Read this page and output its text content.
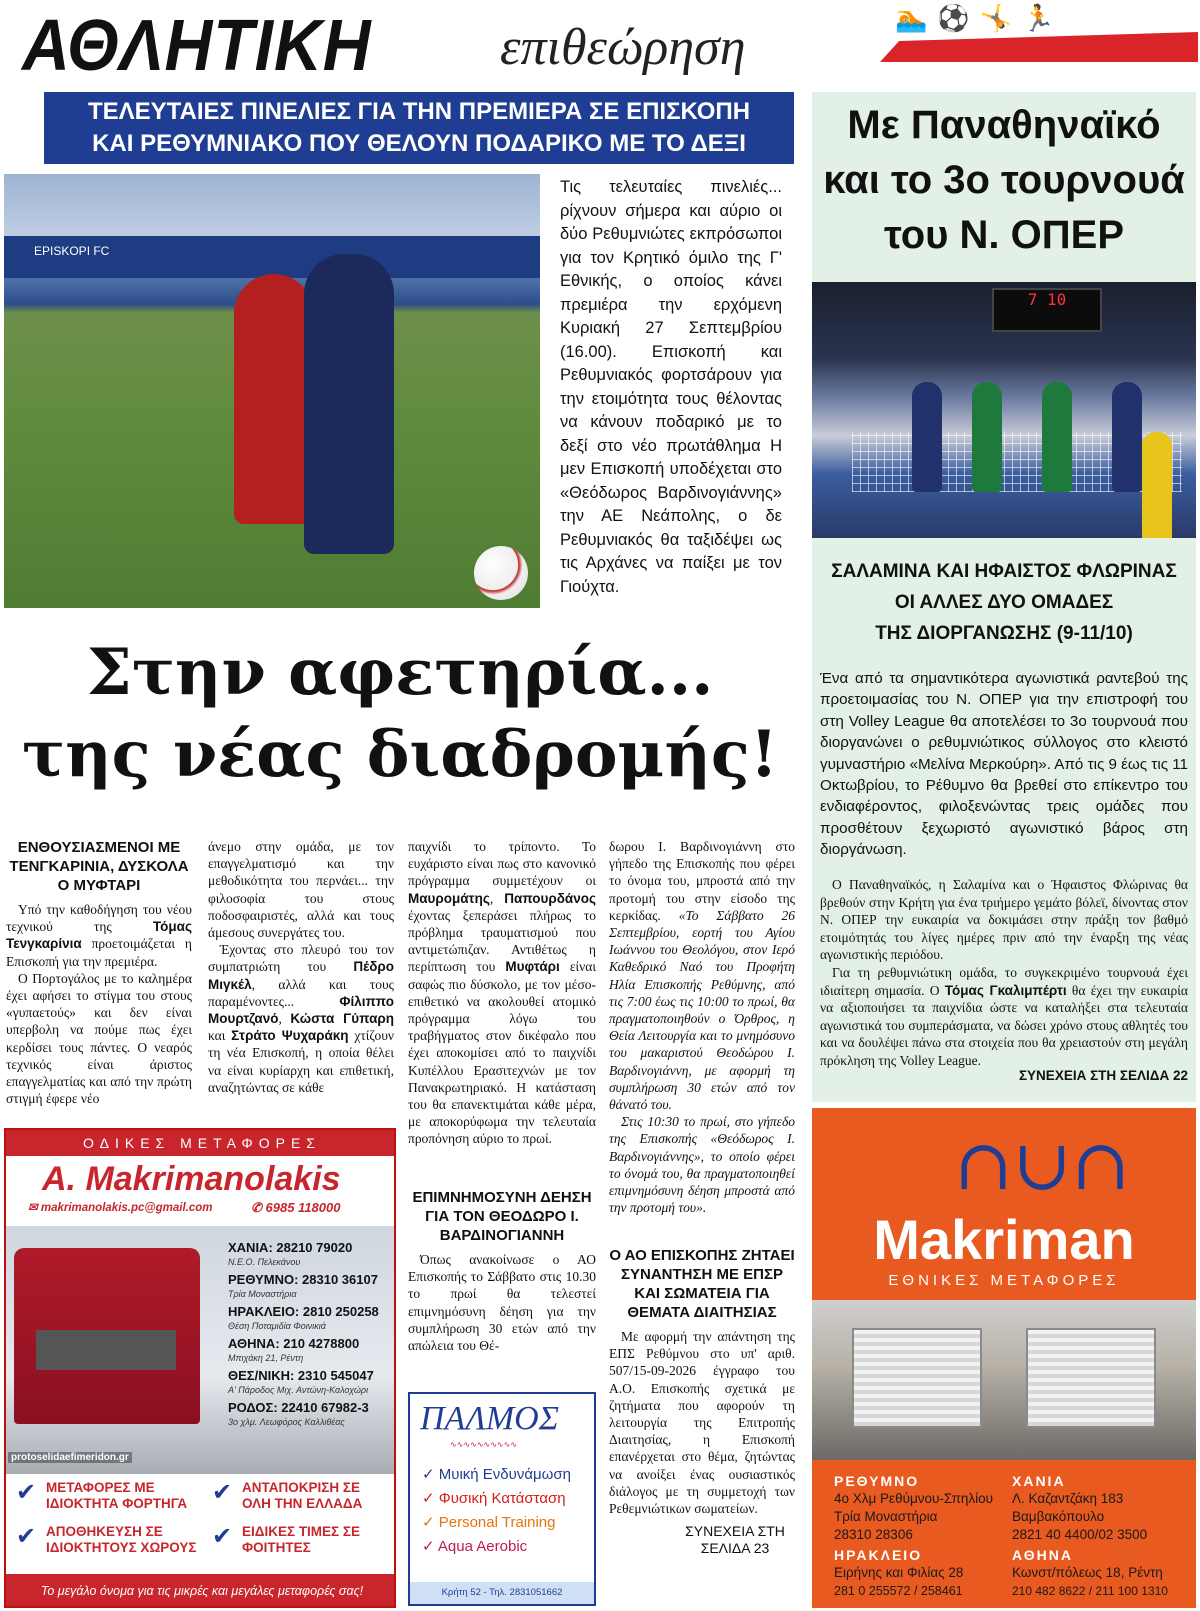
ΑΘΛΗΤΙΚΗ επιθεώρηση	🏊⚽🤸🏃
ΤΕΛΕΥΤΑΙΕΣ ΠΙΝΕΛΙΕΣ ΓΙΑ ΤΗΝ ΠΡΕΜΙΕΡΑ ΣΕ ΕΠΙΣΚΟΠΗ
ΚΑΙ ΡΕΘΥΜΝΙΑΚΟ ΠΟΥ ΘΕΛΟΥΝ ΠΟΔΑΡΙΚΟ ΜΕ ΤΟ ΔΕΞΙ
EPISKOPI FC
Τις τελευταίες πινελιές... ρίχνουν σήμερα και αύριο οι δύο Ρεθυμνιώτες εκπρόσωποι για τον Κρητικό όμιλο της Γ' Εθνικής, ο οποίος κάνει πρεμιέρα την ερχόμενη Κυριακή 27 Σεπτεμβρίου (16.00). Επισκοπή και Ρεθυμνιακός φορτσάρουν για την ετοιμότητα τους θέλοντας να κάνουν ποδαρικό με το δεξί στο νέο πρωτάθλημα Η μεν Επισκοπή υποδέχεται στο «Θεόδωρος Βαρδινογιάννης» την ΑΕ Νεάπολης, ο δε Ρεθυμνιακός θα ταξιδέψει ως τις Αρχάνες να παίξει με τον Γιούχτα.
Στην αφετηρία...
της νέας διαδρομής!
ΕΝΘΟΥΣΙΑΣΜΕΝΟΙ ΜΕ ΤΕΝΓΚΑΡΙΝΙΑ, ΔΥΣΚΟΛΑ Ο ΜΥΦΤΑΡΙ

Υπό την καθοδήγηση του νέου τεχνικού της Τόμας Τενγκαρίνια προετοιμάζεται η Επισκοπή για την πρεμιέρα.

Ο Πορτογάλος με το καλημέρα έχει αφήσει το στίγμα του στους «γυπαετούς» και δεν είναι υπερβολη να πούμε πως έχει κερδίσει τους πάντες. Ο νεαρός τεχνικός είναι άριστος επαγγελματίας και από την πρώτη στιγμή έφερε νέο

άνεμο στην ομάδα, με τον επαγγελματισμό και την μεθοδικότητα του περνάει... την φιλοσοφία του στους ποδοσφαιριστές, αλλά και τους άμεσους συνεργάτες του.

Έχοντας στο πλευρό του τον συμπατριώτη του Πέδρο Μιγκέλ, αλλά και τους παραμένοντες... Φίλιππο Μουρτζανό, Κώστα Γύπαρη και Στράτο Ψυχαράκη χτίζουν τη νέα Επισκοπή, η οποία θέλει να είναι κυρίαρχη και επιθετική, αναζητώντας σε κάθε

παιχνίδι το τρίποντο. Το ευχάριστο είναι πως στο κανονικό πρόγραμμα συμμετέχουν οι Μαυρομάτης, Παπουρδάνος έχοντας ξεπεράσει πλήρως το πρόβλημα τραυματισμού που αντιμετώπιζαν. Αντιθέτως η περίπτωση του Μυφτάρι είναι σαφώς πιο δύσκολο, με τον μέσο-επιθετικό να ακολουθεί ατομικό πρόγραμμα λόγω του τραβήγματος στον δικέφαλο που έχει αποκομίσει από το παιχνίδι Κυπέλλου Ερασιτεχνών με τον Πανακρωτηριακό. Η κατάσταση του θα επανεκτιμάται κάθε μέρα, με αποκορύφωμα την τελευταία προπόνηση αύριο το πρωί.

ΕΠΙΜΝΗΜΟΣΥΝΗ ΔΕΗΣΗ ΓΙΑ ΤΟΝ ΘΕΟΔΩΡΟ Ι. ΒΑΡΔΙΝΟΓΙΑΝΝΗ

Όπως ανακοίνωσε ο ΑΟ Επισκοπής το Σάββατο στις 10.30 το πρωί θα τελεστεί επιμνημόσυνη δέηση για την συμπλήρωση 30 ετών από την απώλεια του Θέ-

δωρου Ι. Βαρδινογιάννη στο γήπεδο της Επισκοπής που φέρει το όνομα του, μπροστά από την προτομή του στην είσοδο της κερκίδας. «Το Σάββατο 26 Σεπτεμβρίου, εορτή του Αγίου Ιωάννου του Θεολόγου, στον Ιερό Καθεδρικό Ναό του Προφήτη Ηλία Επισκοπής Ρεθύμνης, από τις 7:00 έως τις 10:00 το πρωί, θα πραγματοποιηθούν ο Όρθρος, η Θεία Λειτουργία και το μνημόσυνο του μακαριστού Θεοδώρου Ι. Βαρδινογιάννη, με αφορμή τη συμπλήρωση 30 ετών από τον θάνατό του.

Στις 10:30 το πρωί, στο γήπεδο της Επισκοπής «Θεόδωρος Ι. Βαρδινογιάννης», το οποίο φέρει το όνομά του, θα πραγματοποιηθεί επιμνημόσυνη δέηση μπροστά από την προτομή του».

Ο ΑΟ ΕΠΙΣΚΟΠΗΣ ΖΗΤΑΕΙ ΣΥΝΑΝΤΗΣΗ ΜΕ ΕΠΣΡ ΚΑΙ ΣΩΜΑΤΕΙΑ ΓΙΑ ΘΕΜΑΤΑ ΔΙΑΙΤΗΣΙΑΣ

Με αφορμή την απάντηση της ΕΠΣ Ρεθύμνου στο υπ' αριθ. 507/15-09-2026 έγγραφο του Α.Ο. Επισκοπής σχετικά με ζητήματα που αφορούν τη λειτουργία της Επιτροπής Διαιτησίας, η Επισκοπή επανέρχεται στο θέμα, ζητώντας να ανοίξει ένας ουσιαστικός διάλογος με τη συμμετοχή των Ρεθεμνιώτικων σωματείων.

ΣΥΝΕΧΕΙΑ ΣΤΗ ΣΕΛΙΔΑ 23
Με Παναθηναϊκό
και το 3ο τουρνουά
του Ν. ΟΠΕΡ
7 10
ΣΑΛΑΜΙΝΑ ΚΑΙ ΗΦΑΙΣΤΟΣ ΦΛΩΡΙΝΑΣ
ΟΙ ΑΛΛΕΣ ΔΥΟ ΟΜΑΔΕΣ
ΤΗΣ ΔΙΟΡΓΑΝΩΣΗΣ (9-11/10)
Ένα από τα σημαντικότερα αγωνιστικά ραντεβού της προετοιμασίας του Ν. ΟΠΕΡ για την επιστροφή του στη Volley League θα αποτελέσει το 3ο τουρνουά που διοργανώνει ο ρεθυμνιώτικος σύλλογος στο κλειστό γυμναστήριο «Μελίνα Μερκούρη». Από τις 9 έως τις 11 Οκτωβρίου, το Ρέθυμνο θα βρεθεί στο επίκεντρο του ενδιαφέροντος, φιλοξενώντας τρεις ομάδες που προσθέτουν ξεχωριστό αγωνιστικό βάρος στη διοργάνωση.

Ο Παναθηναϊκός, η Σαλαμίνα και ο Ήφαιστος Φλώρινας θα βρεθούν στην Κρήτη για ένα τριήμερο γεμάτο βόλεϊ, δίνοντας στον Ν. ΟΠΕΡ την ευκαιρία να δοκιμάσει στην πράξη τον βαθμό ετοιμότητάς του λίγες ημέρες πριν από την έναρξη της νέας αγωνιστικής περιόδου.

Για τη ρεθυμνιώτικη ομάδα, το συγκεκριμένο τουρνουά έχει ιδιαίτερη σημασία. Ο Τόμας Γκαλιμπέρτι θα έχει την ευκαιρία να αξιοποιήσει τα παιχνίδια ώστε να καταλήξει στα τελευταία αγωνιστικά του συμπεράσματα, να δώσει χρόνο στους αθλητές του και να δουλέψει πάνω στα στοιχεία που θα χρειαστούν στη μεγάλη πρόκληση της Volley League.

ΣΥΝΕΧΕΙΑ ΣΤΗ ΣΕΛΙΔΑ 22
ΟΔΙΚΕΣ ΜΕΤΑΦΟΡΕΣ
A. Makrimanolakis
✉ makrimanolakis.pc@gmail.com	✆ 6985 118000
ΧΑΝΙΑ: 28210 79020
Ν.Ε.Ο. Πελεκάνου
ΡΕΘΥΜΝΟ: 28310 36107
Τρία Μοναστήρια
ΗΡΑΚΛΕΙΟ: 2810 250258
Θέση Ποταμιδία Φοινικιά
ΑΘΗΝΑ: 210 4278800
Μπιχάκη 21, Ρέντη
ΘΕΣ/ΝΙΚΗ: 2310 545047
Α' Πάροδος Μιχ. Αντώνη-Καλοχώρι
ΡΟΔΟΣ: 22410 67982-3
3ο χλμ. Λεωφόρος Καλλιθέας
protoselidaefimeridon.gr
✔ ΜΕΤΑΦΟΡΕΣ ΜΕ ΙΔΙΟΚΤΗΤΑ ΦΟΡΤΗΓΑ	✔ ΑΝΤΑΠΟΚΡΙΣΗ ΣΕ ΟΛΗ ΤΗΝ ΕΛΛΑΔΑ
✔ ΑΠΟΘΗΚΕΥΣΗ ΣΕ ΙΔΙΟΚΤΗΤΟΥΣ ΧΩΡΟΥΣ ✔ ΕΙΔΙΚΕΣ ΤΙΜΕΣ ΣΕ ΦΟΙΤΗΤΕΣ
Το μεγάλο όνομα για τις μικρές και μεγάλες μεταφορές σας!
ΠΑΛΜΟΣ
∿∿∿∿∿∿∿∿∿∿
✓ Μυική Ενδυνάμωση
✓ Φυσική Κατάσταση
✓ Personal Training
✓ Aqua Aerobic
Κρήτη 52 - Τηλ. 2831051662
∩∪∩
Makriman
ΕΘΝΙΚΕΣ ΜΕΤΑΦΟΡΕΣ
ΡΕΘΥΜΝΟ
4ο Χλμ Ρεθύμνου-Σπηλίου
Τρία Μοναστήρια
28310 28306
ΧΑΝΙΑ
Λ. Καζαντζάκη 183
Βαμβακόπουλο
2821 40 4400/02 3500
ΗΡΑΚΛΕΙΟ
Ειρήνης και Φιλίας 28
281 0 255572 / 258461
ΑΘΗΝΑ
Κωνστ/πόλεως 18, Ρέντη
210 482 8622 / 211 100 1310
